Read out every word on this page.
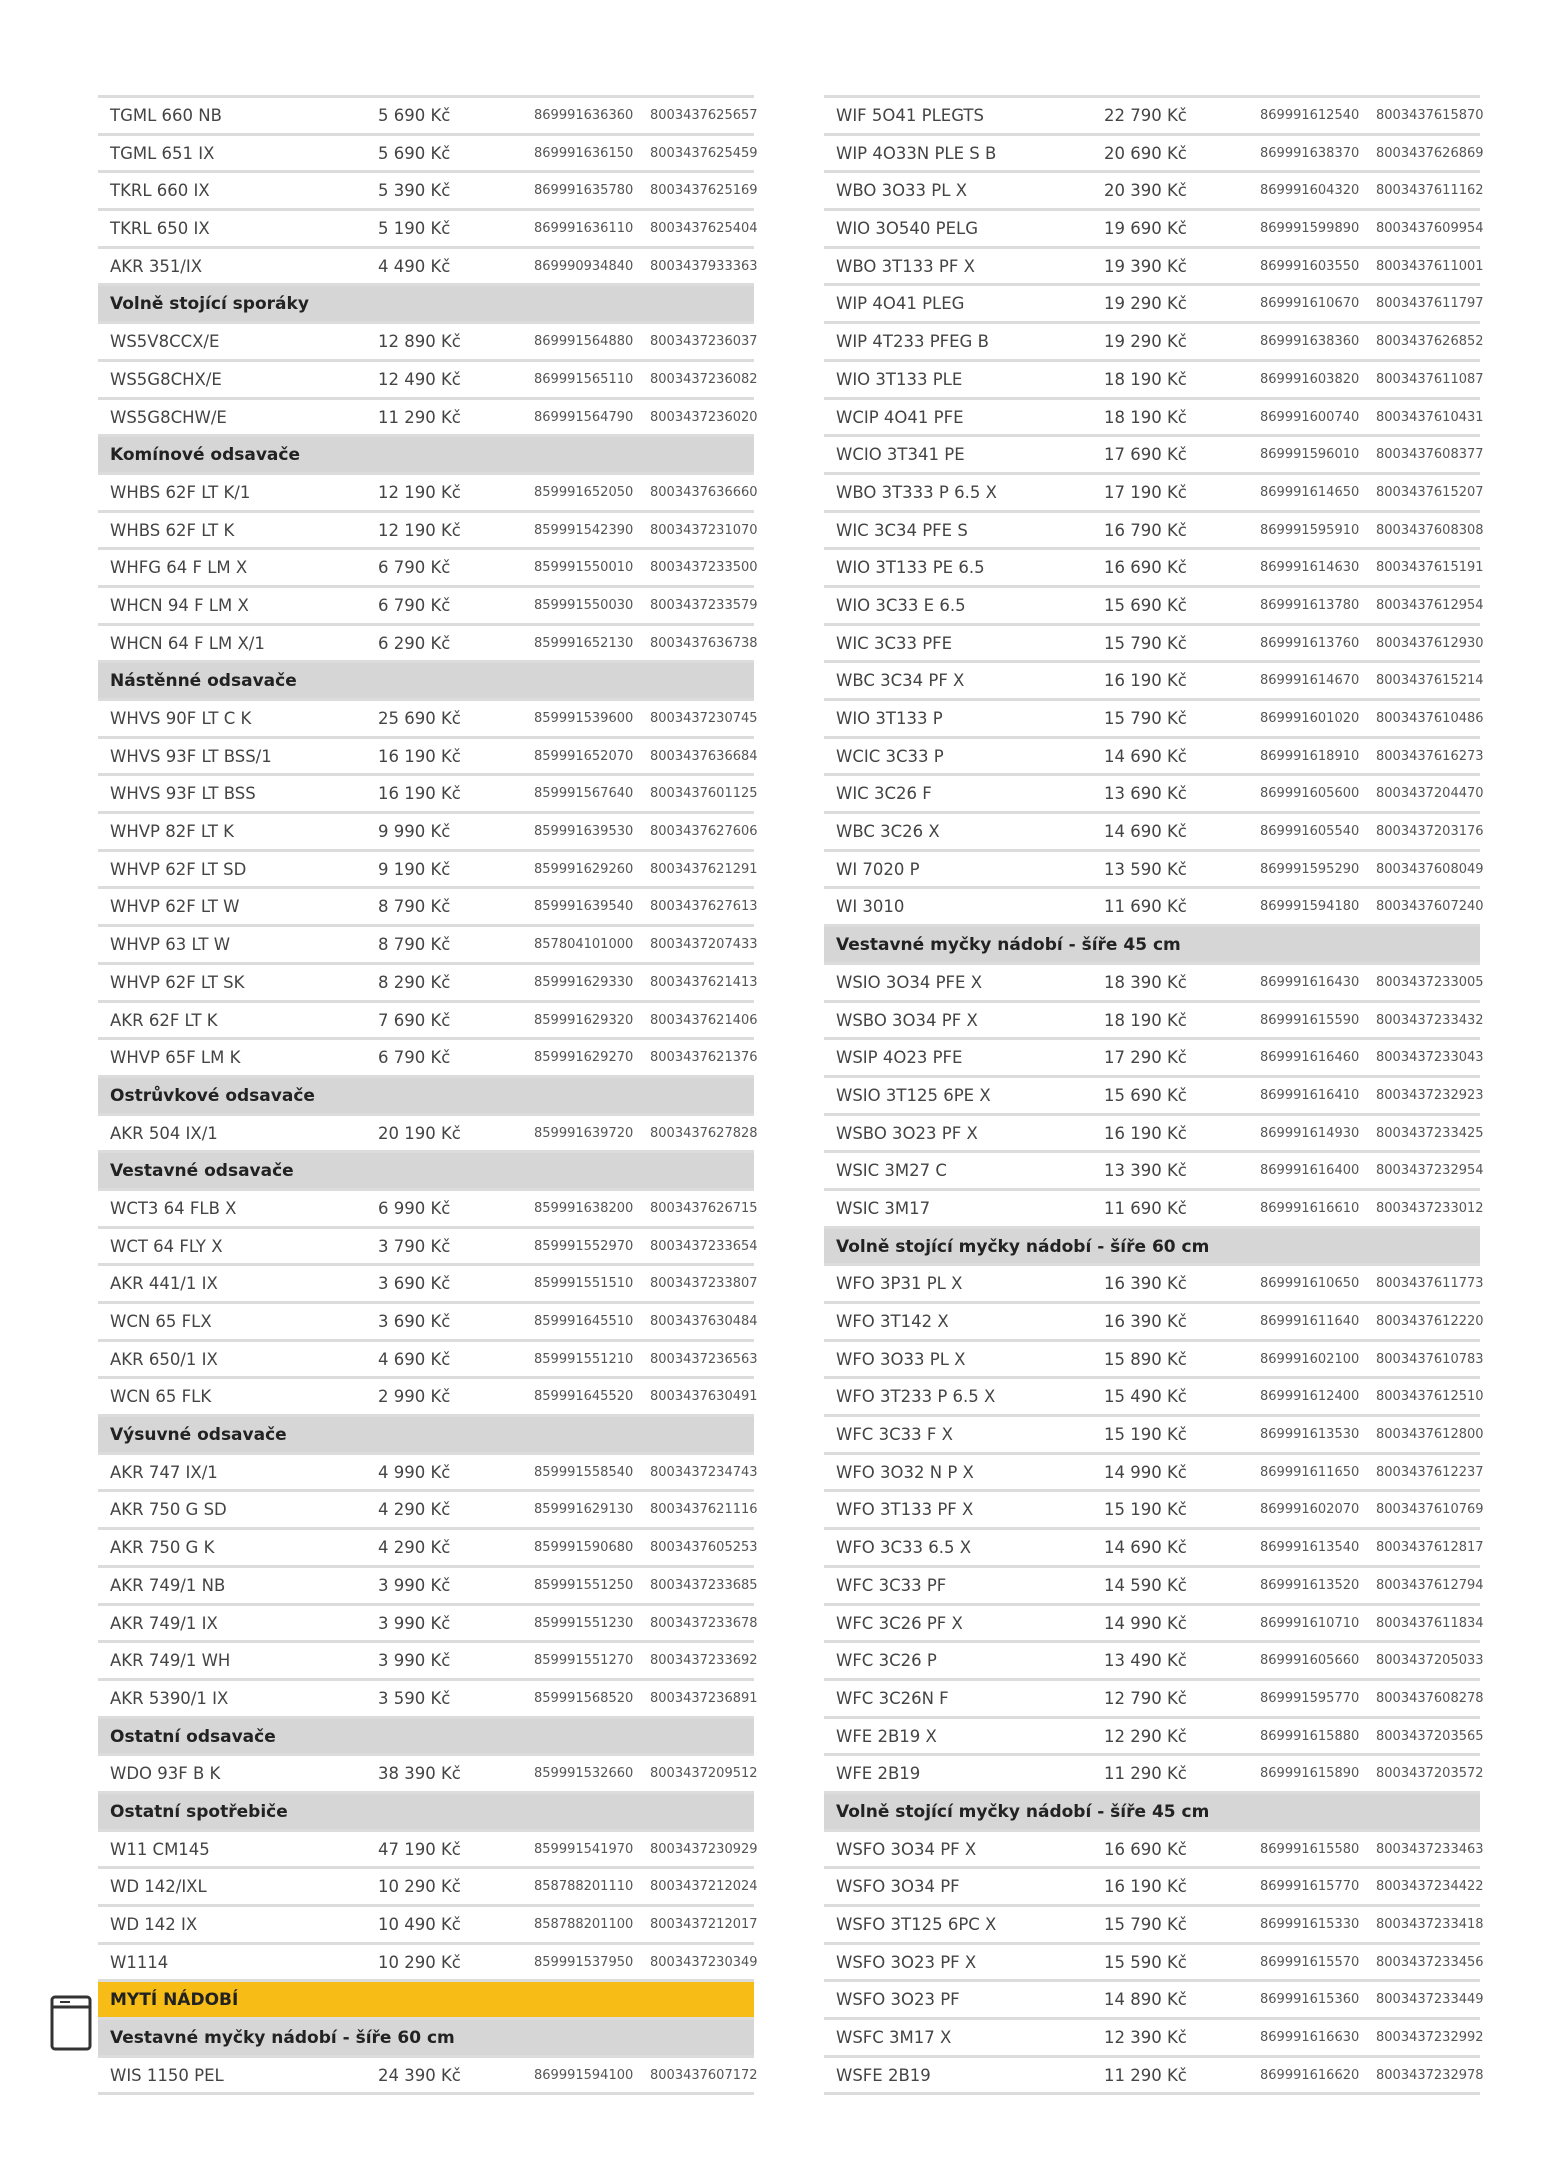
TGML 660 NB	5 690 Kč	869991636360 8003437625657
TGML 651 IX	5 690 Kč	869991636150 8003437625459
TKRL 660 IX	5 390 Kč	869991635780 8003437625169
TKRL 650 IX	5 190 Kč	869991636110 8003437625404
AKR 351/IX	4 490 Kč	869990934840 8003437933363
Volně stojící sporáky
WS5V8CCX/E	12 890 Kč	869991564880 8003437236037
WS5G8CHX/E	12 490 Kč	869991565110 8003437236082
WS5G8CHW/E	11 290 Kč	869991564790 8003437236020
Komínové odsavače
WHBS 62F LT K/1	12 190 Kč	859991652050 8003437636660
WHBS 62F LT K	12 190 Kč	859991542390 8003437231070
WHFG 64 F LM X	6 790 Kč	859991550010 8003437233500
WHCN 94 F LM X	6 790 Kč	859991550030 8003437233579
WHCN 64 F LM X/1	6 290 Kč	859991652130 8003437636738
Nástěnné odsavače
WHVS 90F LT C K	25 690 Kč	859991539600 8003437230745
WHVS 93F LT BSS/1	16 190 Kč	859991652070 8003437636684
WHVS 93F LT BSS	16 190 Kč	859991567640 8003437601125
WHVP 82F LT K	9 990 Kč	859991639530 8003437627606
WHVP 62F LT SD	9 190 Kč	859991629260 8003437621291
WHVP 62F LT W	8 790 Kč	859991639540 8003437627613
WHVP 63 LT W	8 790 Kč	857804101000 8003437207433
WHVP 62F LT SK	8 290 Kč	859991629330 8003437621413
AKR 62F LT K	7 690 Kč	859991629320 8003437621406
WHVP 65F LM K	6 790 Kč	859991629270 8003437621376
Ostrůvkové odsavače
AKR 504 IX/1	20 190 Kč	859991639720 8003437627828
Vestavné odsavače
WCT3 64 FLB X	6 990 Kč	859991638200 8003437626715
WCT 64 FLY X	3 790 Kč	859991552970 8003437233654
AKR 441/1 IX	3 690 Kč	859991551510 8003437233807
WCN 65 FLX	3 690 Kč	859991645510 8003437630484
AKR 650/1 IX	4 690 Kč	859991551210 8003437236563
WCN 65 FLK	2 990 Kč	859991645520 8003437630491
Výsuvné odsavače
AKR 747 IX/1	4 990 Kč	859991558540 8003437234743
AKR 750 G SD	4 290 Kč	859991629130 8003437621116
AKR 750 G K	4 290 Kč	859991590680 8003437605253
AKR 749/1 NB	3 990 Kč	859991551250 8003437233685
AKR 749/1 IX	3 990 Kč	859991551230 8003437233678
AKR 749/1 WH	3 990 Kč	859991551270 8003437233692
AKR 5390/1 IX	3 590 Kč	859991568520 8003437236891
Ostatní odsavače
WDO 93F B K	38 390 Kč	859991532660 8003437209512
Ostatní spotřebiče
W11 CM145	47 190 Kč	859991541970 8003437230929
WD 142/IXL	10 290 Kč	858788201110 8003437212024
WD 142 IX	10 490 Kč	858788201100 8003437212017
W1114	10 290 Kč	859991537950 8003437230349
MYTÍ NÁDOBÍ
Vestavné myčky nádobí - šíře 60 cm
WIS 1150 PEL	24 390 Kč	869991594100 8003437607172
WIF 5O41 PLEGTS	22 790 Kč	869991612540 8003437615870
WIP 4O33N PLE S B	20 690 Kč	869991638370 8003437626869
WBO 3O33 PL X	20 390 Kč	869991604320 8003437611162
WIO 3O540 PELG	19 690 Kč	869991599890 8003437609954
WBO 3T133 PF X	19 390 Kč	869991603550 8003437611001
WIP 4O41 PLEG	19 290 Kč	869991610670 8003437611797
WIP 4T233 PFEG B	19 290 Kč	869991638360 8003437626852
WIO 3T133 PLE	18 190 Kč	869991603820 8003437611087
WCIP 4O41 PFE	18 190 Kč	869991600740 8003437610431
WCIO 3T341 PE	17 690 Kč	869991596010 8003437608377
WBO 3T333 P 6.5 X	17 190 Kč	869991614650 8003437615207
WIC 3C34 PFE S	16 790 Kč	869991595910 8003437608308
WIO 3T133 PE 6.5	16 690 Kč	869991614630 8003437615191
WIO 3C33 E 6.5	15 690 Kč	869991613780 8003437612954
WIC 3C33 PFE	15 790 Kč	869991613760 8003437612930
WBC 3C34 PF X	16 190 Kč	869991614670 8003437615214
WIO 3T133 P	15 790 Kč	869991601020 8003437610486
WCIC 3C33 P	14 690 Kč	869991618910 8003437616273
WIC 3C26 F	13 690 Kč	869991605600 8003437204470
WBC 3C26 X	14 690 Kč	869991605540 8003437203176
WI 7020 P	13 590 Kč	869991595290 8003437608049
WI 3010	11 690 Kč	869991594180 8003437607240
Vestavné myčky nádobí - šíře 45 cm
WSIO 3O34 PFE X	18 390 Kč	869991616430 8003437233005
WSBO 3O34 PF X	18 190 Kč	869991615590 8003437233432
WSIP 4O23 PFE	17 290 Kč	869991616460 8003437233043
WSIO 3T125 6PE X	15 690 Kč	869991616410 8003437232923
WSBO 3O23 PF X	16 190 Kč	869991614930 8003437233425
WSIC 3M27 C	13 390 Kč	869991616400 8003437232954
WSIC 3M17	11 690 Kč	869991616610 8003437233012
Volně stojící myčky nádobí - šíře 60 cm
WFO 3P31 PL X	16 390 Kč	869991610650 8003437611773
WFO 3T142 X	16 390 Kč	869991611640 8003437612220
WFO 3O33 PL X	15 890 Kč	869991602100 8003437610783
WFO 3T233 P 6.5 X	15 490 Kč	869991612400 8003437612510
WFC 3C33 F X	15 190 Kč	869991613530 8003437612800
WFO 3O32 N P X	14 990 Kč	869991611650 8003437612237
WFO 3T133 PF X	15 190 Kč	869991602070 8003437610769
WFO 3C33 6.5 X	14 690 Kč	869991613540 8003437612817
WFC 3C33 PF	14 590 Kč	869991613520 8003437612794
WFC 3C26 PF X	14 990 Kč	869991610710 8003437611834
WFC 3C26 P	13 490 Kč	869991605660 8003437205033
WFC 3C26N F	12 790 Kč	869991595770 8003437608278
WFE 2B19 X	12 290 Kč	869991615880 8003437203565
WFE 2B19	11 290 Kč	869991615890 8003437203572
Volně stojící myčky nádobí - šíře 45 cm
WSFO 3O34 PF X	16 690 Kč	869991615580 8003437233463
WSFO 3O34 PF	16 190 Kč	869991615770 8003437234422
WSFO 3T125 6PC X	15 790 Kč	869991615330 8003437233418
WSFO 3O23 PF X	15 590 Kč	869991615570 8003437233456
WSFO 3O23 PF	14 890 Kč	869991615360 8003437233449
WSFC 3M17 X	12 390 Kč	869991616630 8003437232992
WSFE 2B19	11 290 Kč	869991616620 8003437232978
